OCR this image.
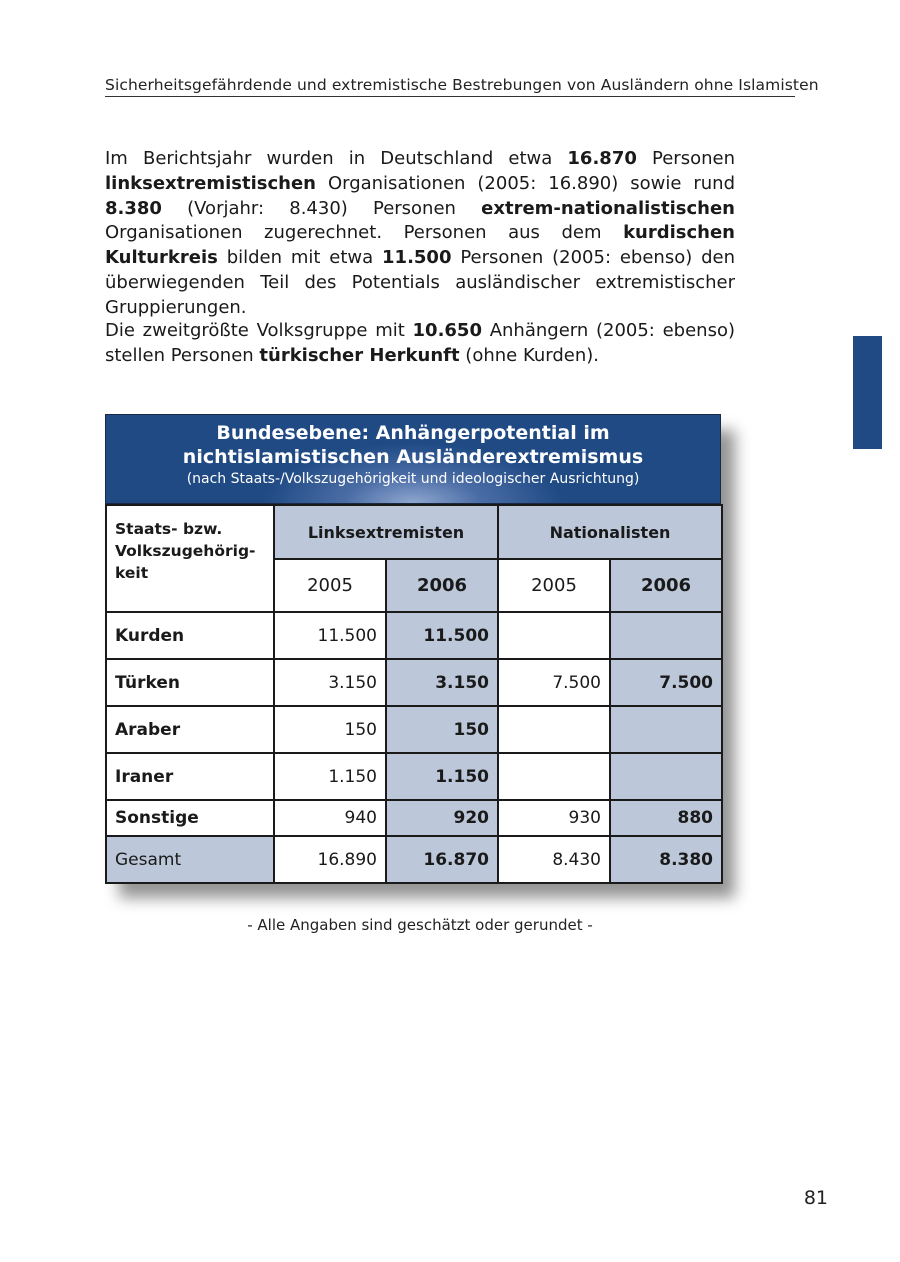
Sicherheitsgefährdende und extremistische Bestrebungen von Ausländern ohne Islamisten
Im Berichtsjahr wurden in Deutschland etwa 16.870 Personen linksextremistischen Organisationen (2005: 16.890) sowie rund 8.380 (Vorjahr: 8.430) Personen extrem-nationalistischen Organisationen zugerechnet. Personen aus dem kurdischen Kulturkreis bilden mit etwa 11.500 Personen (2005: ebenso) den überwiegenden Teil des Potentials ausländischer extremistischer Gruppierungen.
Die zweitgrößte Volksgruppe mit 10.650 Anhängern (2005: ebenso) stellen Personen türkischer Herkunft (ohne Kurden).
Bundesebene: Anhängerpotential im
nichtislamistischen Ausländerextremismus
(nach Staats-/Volkszugehörigkeit und ideologischer Ausrichtung)
Staats- bzw. Volkszugehörig-keit	Linksextremisten		Nationalisten	
	2005	2006	2005	2006
Kurden	11.500	11.500		
Türken	3.150	3.150	7.500	7.500
Araber	150	150		
Iraner	1.150	1.150		
Sonstige	940	920	930	880
Gesamt	16.890	16.870	8.430	8.380
- Alle Angaben sind geschätzt oder gerundet -
81
